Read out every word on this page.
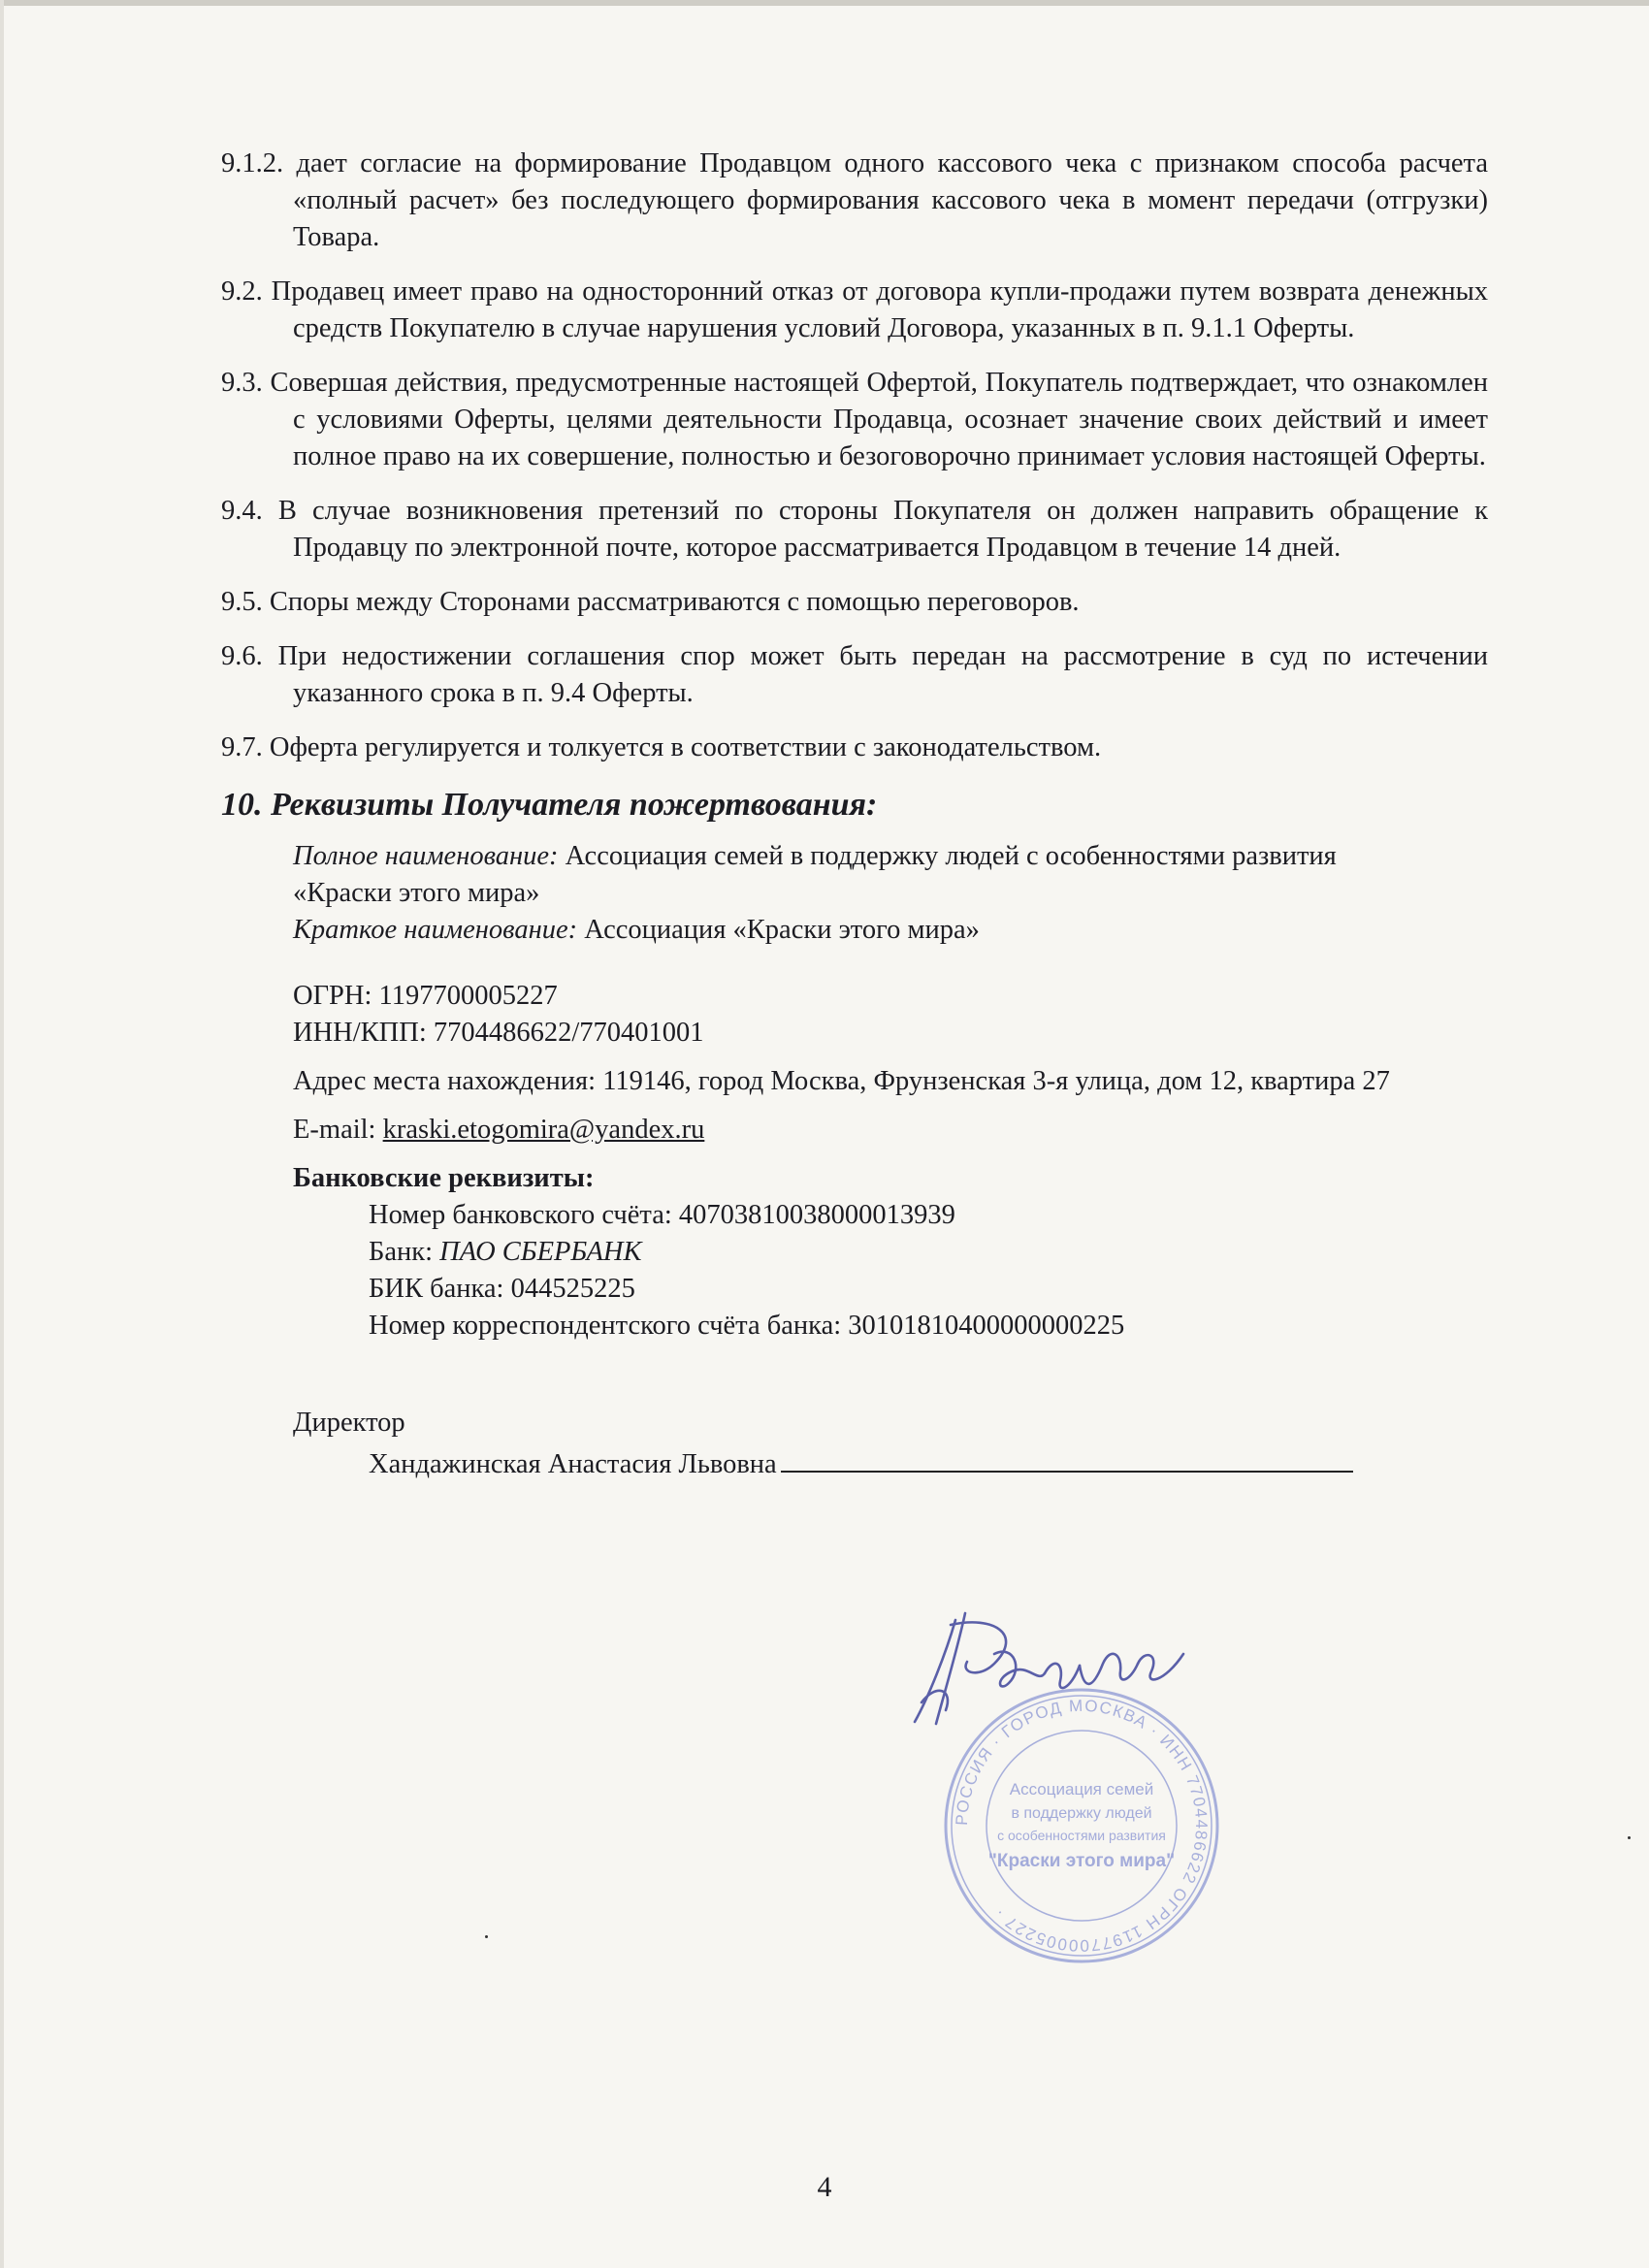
9.1.2. дает согласие на формирование Продавцом одного кассового чека с признаком способа расчета «полный расчет» без последующего формирования кассового чека в момент передачи (отгрузки) Товара.

9.2. Продавец имеет право на односторонний отказ от договора купли-продажи путем возврата денежных средств Покупателю в случае нарушения условий Договора, указанных в п. 9.1.1 Оферты.

9.3. Совершая действия, предусмотренные настоящей Офертой, Покупатель подтверждает, что ознакомлен с условиями Оферты, целями деятельности Продавца, осознает значение своих действий и имеет полное право на их совершение, полностью и безоговорочно принимает условия настоящей Оферты.

9.4. В случае возникновения претензий по стороны Покупателя он должен направить обращение к Продавцу по электронной почте, которое рассматривается Продавцом в течение 14 дней.

9.5. Споры между Сторонами рассматриваются с помощью переговоров.

9.6. При недостижении соглашения спор может быть передан на рассмотрение в суд по истечении указанного срока в п. 9.4 Оферты.

9.7. Оферта регулируется и толкуется в соответствии с законодательством.

10. Реквизиты Получателя пожертвования:

Полное наименование: Ассоциация семей в поддержку людей с особенностями развития

«Краски этого мира»

Краткое наименование: Ассоциация «Краски этого мира»

ОГРН: 1197700005227

ИНН/КПП: 7704486622/770401001

Адрес места нахождения: 119146, город Москва, Фрунзенская 3-я улица, дом 12, квартира 27

E-mail: kraski.etogomira@yandex.ru

Банковские реквизиты:

Номер банковского счёта: 40703810038000013939

Банк: ПАО СБЕРБАНК

БИК банка: 044525225

Номер корреспондентского счёта банка: 30101810400000000225

Директор

Хандажинская Анастасия Львовна

РОССИЯ · ГОРОД МОСКВА · ИНН 7704486622 ОГРН 1197700005227 ·
Ассоциация семей
в поддержку людей
с особенностями развития
"Краски этого мира"
4
